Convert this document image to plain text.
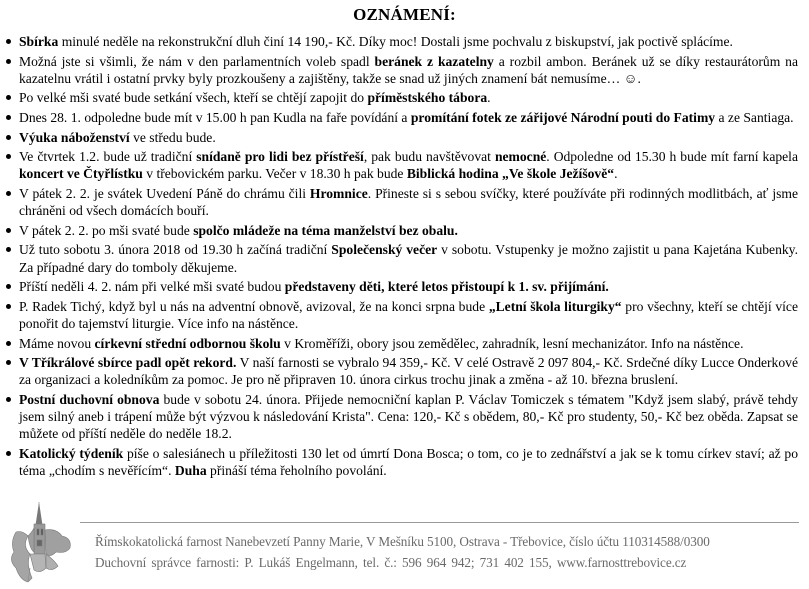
OZNÁMENÍ:
Sbírka minulé neděle na rekonstrukční dluh činí 14 190,- Kč. Díky moc! Dostali jsme pochvalu z biskupství, jak poctivě splácíme.
Možná jste si všimli, že nám v den parlamentních voleb spadl beránek z kazatelny a rozbil ambon. Beránek už se díky restaurátorům na kazatelnu vrátil i ostatní prvky byly prozkoušeny a zajištěny, takže se snad už jiných znamení bát nemusíme… ☺.
Po velké mši svaté bude setkání všech, kteří se chtějí zapojit do příměstského tábora.
Dnes 28. 1. odpoledne bude mít v 15.00 h pan Kudla na faře povídání a promítání fotek ze zářijové Národní pouti do Fatimy a ze Santiaga.
Výuka náboženství ve středu bude.
Ve čtvrtek 1.2. bude už tradiční snídaně pro lidi bez přístřeší, pak budu navštěvovat nemocné. Odpoledne od 15.30 h bude mít farní kapela koncert ve Čtyřlístku v třebovickém parku. Večer v 18.30 h pak bude Biblická hodina „Ve škole Ježíšově“.
V pátek 2. 2. je svátek Uvedení Páně do chrámu čili Hromnice. Přineste si s sebou svíčky, které používáte při rodinných modlitbách, ať jsme chráněni od všech domácích bouří.
V pátek 2. 2. po mši svaté bude spolčo mládeže na téma manželství bez obalu.
Už tuto sobotu 3. února 2018 od 19.30 h začíná tradiční Společenský večer v sobotu. Vstupenky je možno zajistit u pana Kajetána Kubenky. Za případné dary do tomboly děkujeme.
Příští neděli 4. 2. nám při velké mši svaté budou představeny děti, které letos přistoupí k 1. sv. přijímání.
P. Radek Tichý, když byl u nás na adventní obnově, avizoval, že na konci srpna bude „Letní škola liturgiky“ pro všechny, kteří se chtějí více ponořit do tajemství liturgie. Více info na nástěnce.
Máme novou církevní střední odbornou školu v Kroměříži, obory jsou zemědělec, zahradník, lesní mechanizátor. Info na nástěnce.
V Tříkrálové sbírce padl opět rekord. V naší farnosti se vybralo 94 359,- Kč. V celé Ostravě 2 097 804,- Kč. Srdečné díky Lucce Onderkové za organizaci a koledníkům za pomoc. Je pro ně připraven 10. února cirkus trochu jinak a změna - až 10. března bruslení.
Postní duchovní obnova bude v sobotu 24. února. Přijede nemocniční kaplan P. Václav Tomiczek s tématem "Když jsem slabý, právě tehdy jsem silný aneb i trápení může být výzvou k následování Krista". Cena: 120,- Kč s obědem, 80,- Kč pro studenty, 50,- Kč bez oběda. Zapsat se můžete od příští neděle do neděle 18.2.
Katolický týdeník píše o salesiánech u příležitosti 130 let od úmrtí Dona Bosca; o tom, co je to zednářství a jak se k tomu církev staví; až po téma „chodím s nevěřícím“. Duha přináší téma řeholního povolání.
Římskokatolická farnost Nanebevzetí Panny Marie, V Mešníku 5100, Ostrava - Třebovice, číslo účtu 110314588/0300
Duchovní správce farnosti: P. Lukáš Engelmann, tel. č.: 596 964 942; 731 402 155, www.farnosttrebovice.cz
